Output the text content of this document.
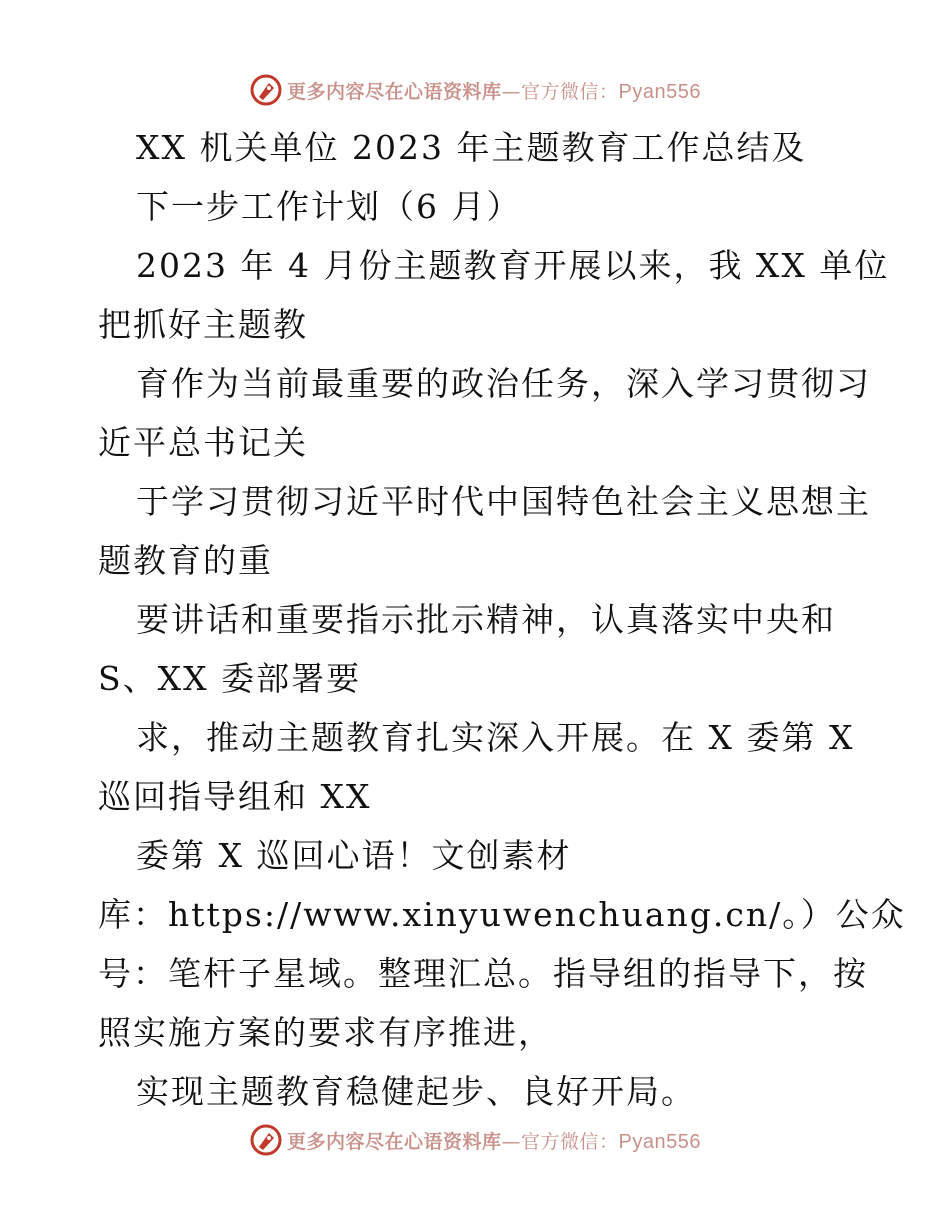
更多内容尽在心语资料库—官方微信：Pyan556
XX 机关单位 2023 年主题教育工作总结及
下一步工作计划（6 月）
2023 年 4 月份主题教育开展以来，我 XX 单位
把抓好主题教
育作为当前最重要的政治任务，深入学习贯彻习
近平总书记关
于学习贯彻习近平时代中国特色社会主义思想主
题教育的重
要讲话和重要指示批示精神，认真落实中央和
S、XX 委部署要
求，推动主题教育扎实深入开展。在 X 委第 X
巡回指导组和 XX
委第 X 巡回心语！文创素材
库：https://www.xinyuwenchuang.cn/。）公众
号：笔杆子星域。整理汇总。指导组的指导下，按
照实施方案的要求有序推进，
实现主题教育稳健起步、良好开局。
更多内容尽在心语资料库—官方微信：Pyan556
